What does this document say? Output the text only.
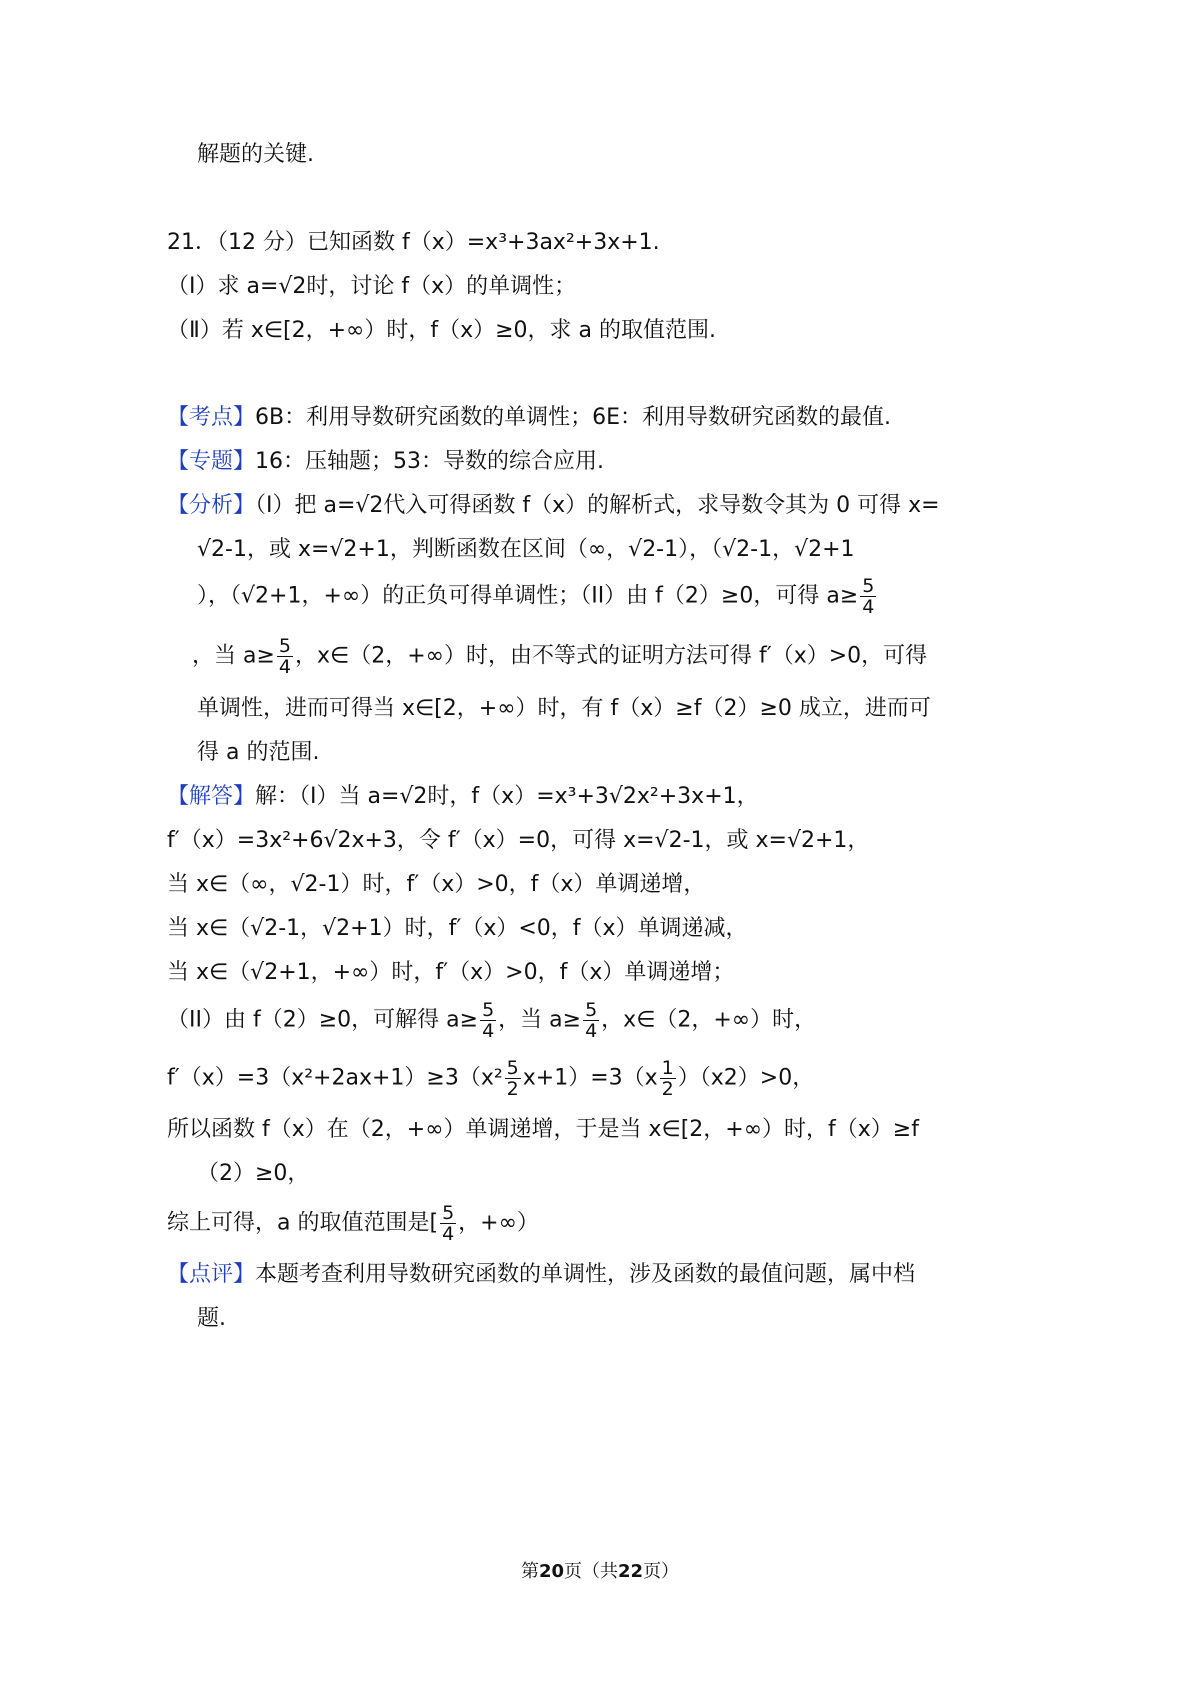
解题的关键.
21．（12 分）已知函数 f（x）=x³+3ax²+3x+1.
（Ⅰ）求 a=√2时，讨论 f（x）的单调性；
（Ⅱ）若 x∈[2，+∞）时，f（x）≥0，求 a 的取值范围.
【考点】6B：利用导数研究函数的单调性；6E：利用导数研究函数的最值.
【专题】16：压轴题；53：导数的综合应用.
【分析】（I）把 a=√2代入可得函数 f（x）的解析式，求导数令其为 0 可得 x=
√2-1，或 x=√2+1，判断函数在区间（∞，√2-1），（√2-1，√2+1
），（√2+1，+∞）的正负可得单调性；（II）由 f（2）≥0，可得 $a\ge \frac{5}{4}$
，当 $a\ge \frac{5}{4}$ ，x∈（2，+∞）时，由不等式的证明方法可得 f′（x）>0，可得
单调性，进而可得当 x∈[2，+∞）时，有 f（x）≥f（2）≥0 成立，进而可
得 a 的范围.
【解答】解：（I）当 a=√2时，f（x）=x³+3√2x²+3x+1，
f′（x）=3x²+6√2x+3，令 f′（x）=0，可得 x=√2-1，或 x=√2+1，
当 x∈（∞，√2-1）时，f′（x）>0，f（x）单调递增，
当 x∈（√2-1，√2+1）时，f′（x）<0，f（x）单调递减，
当 x∈（√2+1，+∞）时，f′（x）>0，f（x）单调递增；
（II）由 f（2）≥0，可解得 $a\ge \frac{5}{4}$ ，当 $a\ge \frac{5}{4}$ ，x∈（2，+∞）时，
$f'(x)=3(x^2+2ax+1)\ge 3(x^2 \frac{5}{2} x+1)=3(x \frac{1}{2} )(x2)>0$，
所以函数 f（x）在（2，+∞）单调递增，于是当 x∈[2，+∞）时，f（x）≥f
（2）≥0，
综上可得，a 的取值范围是[ $\frac{5}{4}$ ，+∞）
【点评】本题考查利用导数研究函数的单调性，涉及函数的最值问题，属中档
题.
第20页（共22页）
